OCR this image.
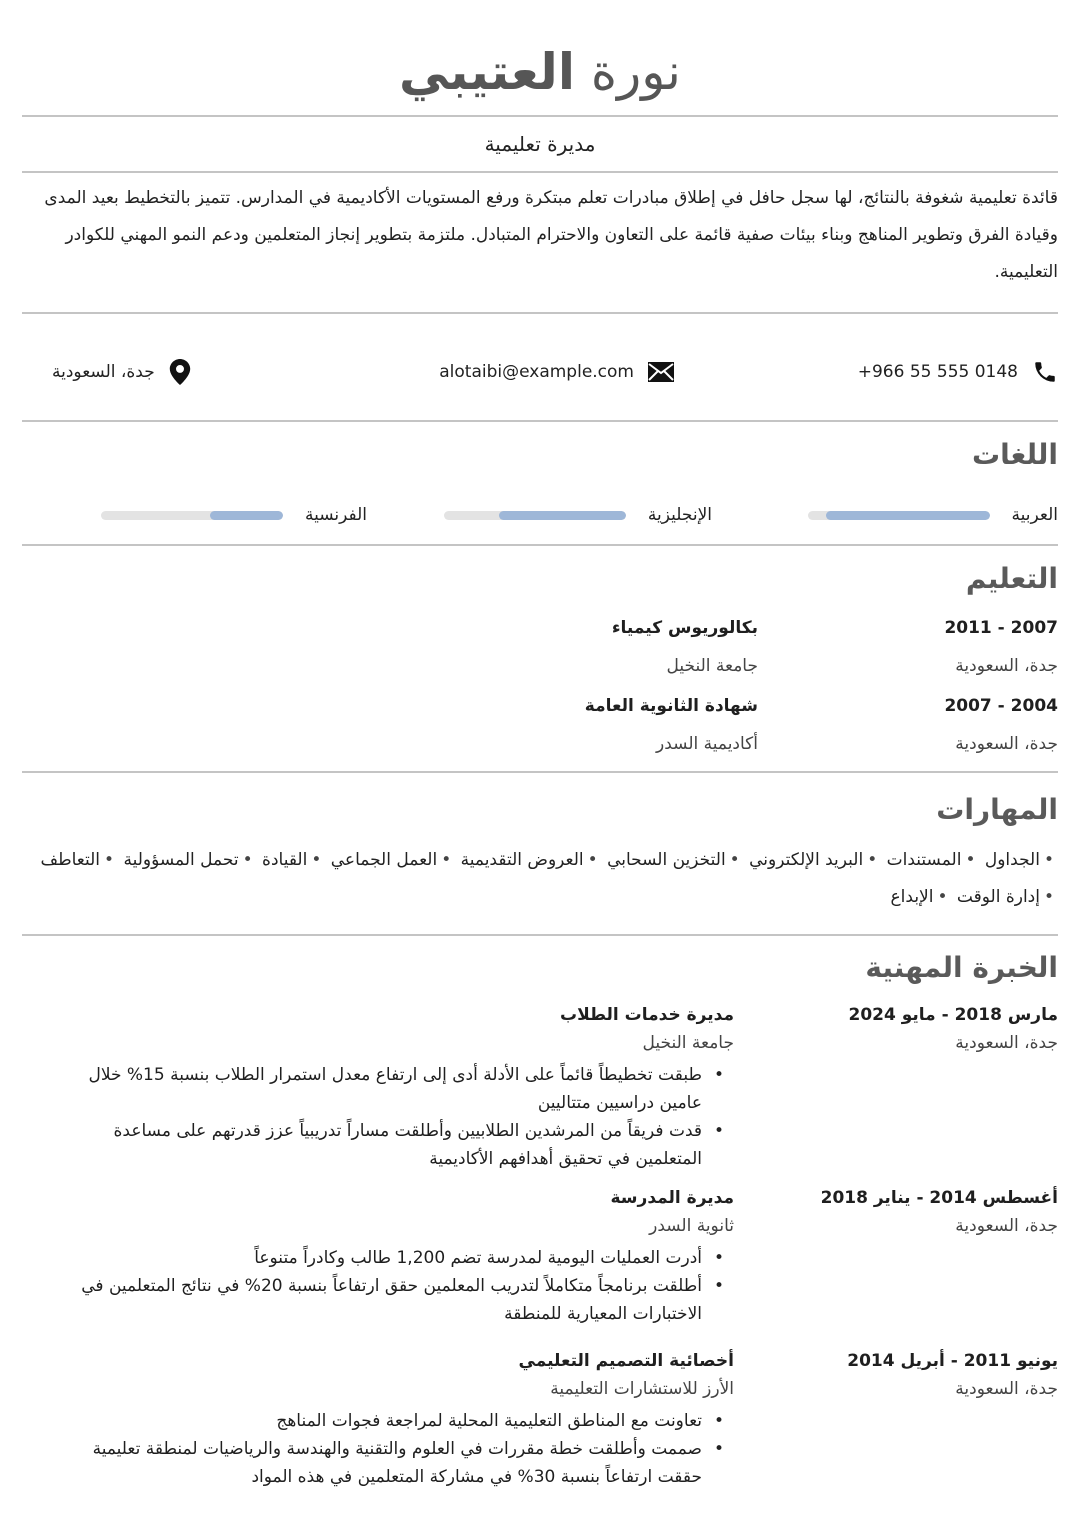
نورة العتيبي
مديرة تعليمية

قائدة تعليمية شغوفة بالنتائج، لها سجل حافل في إطلاق مبادرات تعلم مبتكرة ورفع المستويات الأكاديمية في المدارس. تتميز بالتخطيط بعيد المدى وقيادة الفرق وتطوير المناهج وبناء بيئات صفية قائمة على التعاون والاحترام المتبادل. ملتزمة بتطوير إنجاز المتعلمين ودعم النمو المهني للكوادر التعليمية.

+966 55 555 0148
alotaibi@example.com
جدة، السعودية
اللغات
العربية
الإنجليزية
الفرنسية
التعليم
2007 - 2011
جدة، السعودية
بكالوريوس كيمياء
جامعة النخيل
2004 - 2007
جدة، السعودية
شهادة الثانوية العامة
أكاديمية السدر
المهارات
•الجداول •المستندات •البريد الإلكتروني •التخزين السحابي •العروض التقديمية •العمل الجماعي •القيادة •تحمل المسؤولية •التعاطف •إدارة الوقت •الإبداع
الخبرة المهنية
مارس 2018 - مايو 2024
جدة، السعودية
مديرة خدمات الطلاب
جامعة النخيل
• طبقت تخطيطاً قائماً على الأدلة أدى إلى ارتفاع معدل استمرار الطلاب بنسبة 15% خلال عامين دراسيين متتاليين
• قدت فريقاً من المرشدين الطلابيين وأطلقت مساراً تدريبياً عزز قدرتهم على مساعدة المتعلمين في تحقيق أهدافهم الأكاديمية
أغسطس 2014 - يناير 2018
جدة، السعودية
مديرة المدرسة
ثانوية السدر
• أدرت العمليات اليومية لمدرسة تضم 1,200 طالب وكادراً متنوعاً
• أطلقت برنامجاً متكاملاً لتدريب المعلمين حقق ارتفاعاً بنسبة 20% في نتائج المتعلمين في الاختبارات المعيارية للمنطقة
يونيو 2011 - أبريل 2014
جدة، السعودية
أخصائية التصميم التعليمي
الأرز للاستشارات التعليمية
• تعاونت مع المناطق التعليمية المحلية لمراجعة فجوات المناهج
• صممت وأطلقت خطة مقررات في العلوم والتقنية والهندسة والرياضيات لمنطقة تعليمية حققت ارتفاعاً بنسبة 30% في مشاركة المتعلمين في هذه المواد
